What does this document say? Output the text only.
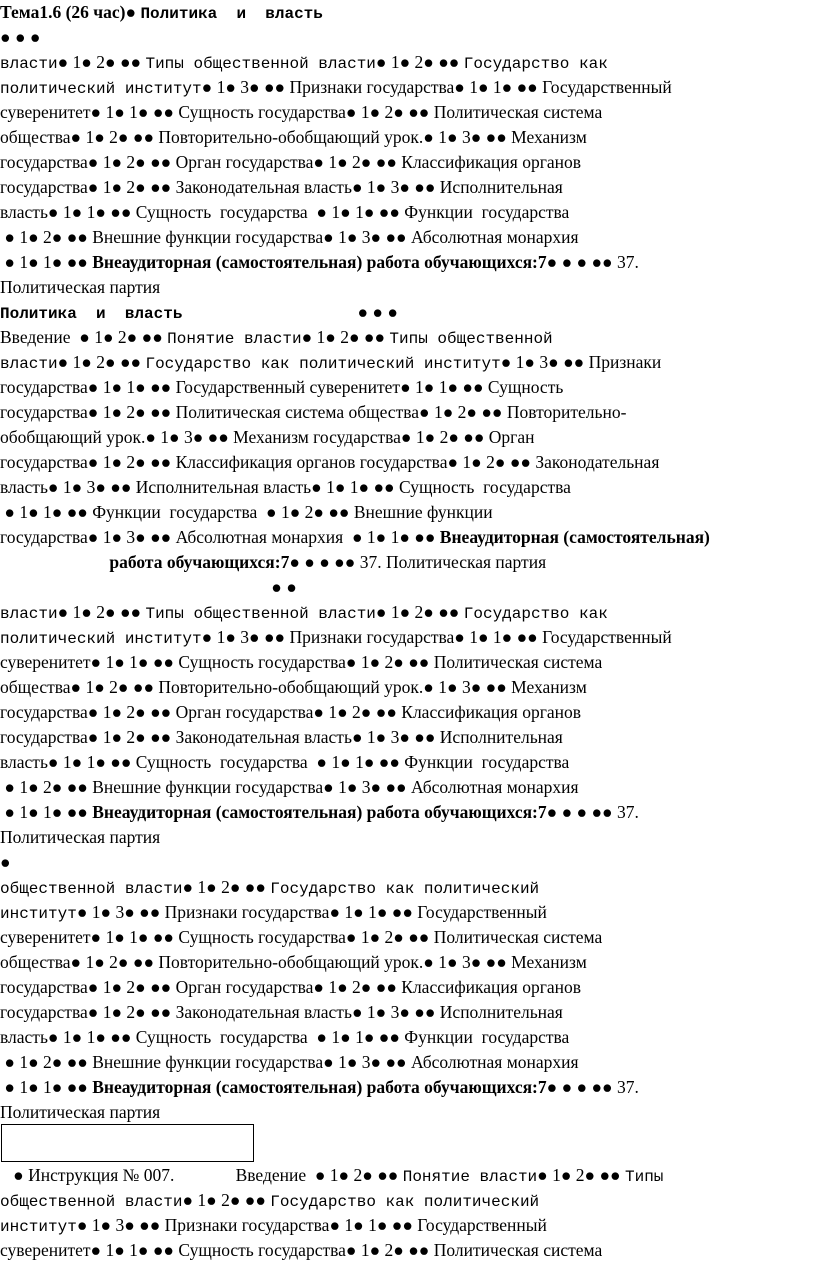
Тема1.6 (26 час)● Политика  и  власть
● ● ●
власти● 1● 2● ●● Типы общественной власти● 1● 2● ●● Государство как
политический институт● 1● 3● ●● Признаки государства● 1● 1● ●● Государственный
суверенитет● 1● 1● ●● Сущность государства● 1● 2● ●● Политическая система
общества● 1● 2● ●● Повторительно-обобщающий урок.● 1● 3● ●● Механизм
государства● 1● 2● ●● Орган государства● 1● 2● ●● Классификация органов
государства● 1● 2● ●● Законодательная власть● 1● 3● ●● Исполнительная
власть● 1● 1● ●● Сущность  государства  ● 1● 1● ●● Функции  государства
● 1● 2● ●● Внешние функции государства● 1● 3● ●● Абсолютная монархия
● 1● 1● ●● Внеаудиторная (самостоятельная) работа обучающихся:7● ● ● ●● 37.
Политическая партия
Политика  и  власть                                        ● ● ●
Введение  ● 1● 2● ●● Понятие власти● 1● 2● ●● Типы общественной
власти● 1● 2● ●● Государство как политический институт● 1● 3● ●● Признаки
государства● 1● 1● ●● Государственный суверенитет● 1● 1● ●● Сущность
государства● 1● 2● ●● Политическая система общества● 1● 2● ●● Повторительно-
обобщающий урок.● 1● 3● ●● Механизм государства● 1● 2● ●● Орган
государства● 1● 2● ●● Классификация органов государства● 1● 2● ●● Законодательная
власть● 1● 3● ●● Исполнительная власть● 1● 1● ●● Сущность  государства
● 1● 1● ●● Функции  государства  ● 1● 2● ●● Внешние функции
государства● 1● 3● ●● Абсолютная монархия  ● 1● 1● ●● Внеаудиторная (самостоятельная)
работа обучающихся:7● ● ● ●● 37. Политическая партия
● ●
власти● 1● 2● ●● Типы общественной власти● 1● 2● ●● Государство как
политический институт● 1● 3● ●● Признаки государства● 1● 1● ●● Государственный
суверенитет● 1● 1● ●● Сущность государства● 1● 2● ●● Политическая система
общества● 1● 2● ●● Повторительно-обобщающий урок.● 1● 3● ●● Механизм
государства● 1● 2● ●● Орган государства● 1● 2● ●● Классификация органов
государства● 1● 2● ●● Законодательная власть● 1● 3● ●● Исполнительная
власть● 1● 1● ●● Сущность  государства  ● 1● 1● ●● Функции  государства
● 1● 2● ●● Внешние функции государства● 1● 3● ●● Абсолютная монархия
● 1● 1● ●● Внеаудиторная (самостоятельная) работа обучающихся:7● ● ● ●● 37.
Политическая партия
●
общественной власти● 1● 2● ●● Государство как политический
институт● 1● 3● ●● Признаки государства● 1● 1● ●● Государственный
суверенитет● 1● 1● ●● Сущность государства● 1● 2● ●● Политическая система
общества● 1● 2● ●● Повторительно-обобщающий урок.● 1● 3● ●● Механизм
государства● 1● 2● ●● Орган государства● 1● 2● ●● Классификация органов
государства● 1● 2● ●● Законодательная власть● 1● 3● ●● Исполнительная
власть● 1● 1● ●● Сущность  государства  ● 1● 1● ●● Функции  государства
● 1● 2● ●● Внешние функции государства● 1● 3● ●● Абсолютная монархия
● 1● 1● ●● Внеаудиторная (самостоятельная) работа обучающихся:7● ● ● ●● 37.
Политическая партия
● Инструкция № 007.              Введение  ● 1● 2● ●● Понятие власти● 1● 2● ●● Типы
общественной власти● 1● 2● ●● Государство как политический
институт● 1● 3● ●● Признаки государства● 1● 1● ●● Государственный
суверенитет● 1● 1● ●● Сущность государства● 1● 2● ●● Политическая система
